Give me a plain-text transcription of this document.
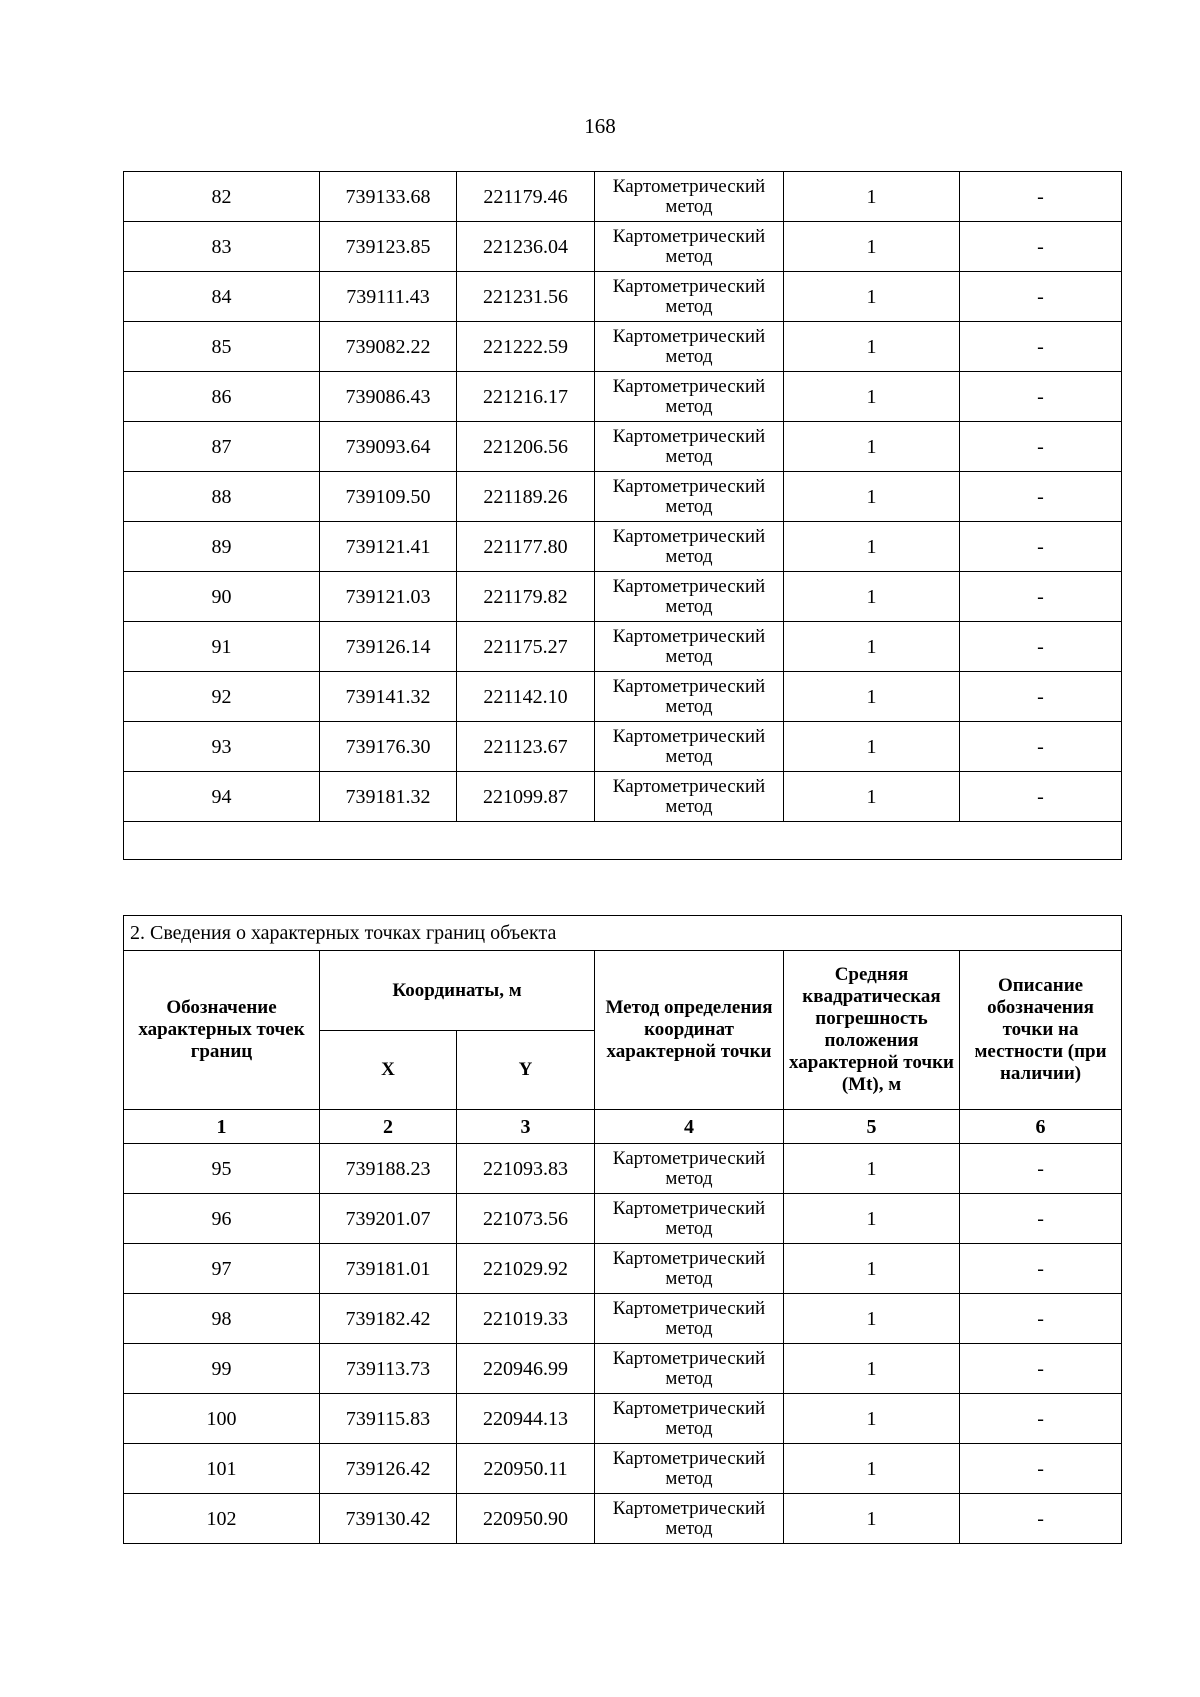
168
82	739133.68	221179.46	Картометрический метод	1	-
83	739123.85	221236.04	Картометрический метод	1	-
84	739111.43	221231.56	Картометрический метод	1	-
85	739082.22	221222.59	Картометрический метод	1	-
86	739086.43	221216.17	Картометрический метод	1	-
87	739093.64	221206.56	Картометрический метод	1	-
88	739109.50	221189.26	Картометрический метод	1	-
89	739121.41	221177.80	Картометрический метод	1	-
90	739121.03	221179.82	Картометрический метод	1	-
91	739126.14	221175.27	Картометрический метод	1	-
92	739141.32	221142.10	Картометрический метод	1	-
93	739176.30	221123.67	Картометрический метод	1	-
94	739181.32	221099.87	Картометрический метод	1	-

2. Сведения о характерных точках границ объекта					
Обозначение характерных точек границ	Координаты, м		Метод определения координат характерной точки	Средняя квадратическая погрешность положения характерной точки (Mt), м	Описание обозначения точки на местности (при наличии)
	X	Y			
1	2	3	4	5	6
95	739188.23	221093.83	Картометрический метод	1	-
96	739201.07	221073.56	Картометрический метод	1	-
97	739181.01	221029.92	Картометрический метод	1	-
98	739182.42	221019.33	Картометрический метод	1	-
99	739113.73	220946.99	Картометрический метод	1	-
100	739115.83	220944.13	Картометрический метод	1	-
101	739126.42	220950.11	Картометрический метод	1	-
102	739130.42	220950.90	Картометрический метод	1	-
